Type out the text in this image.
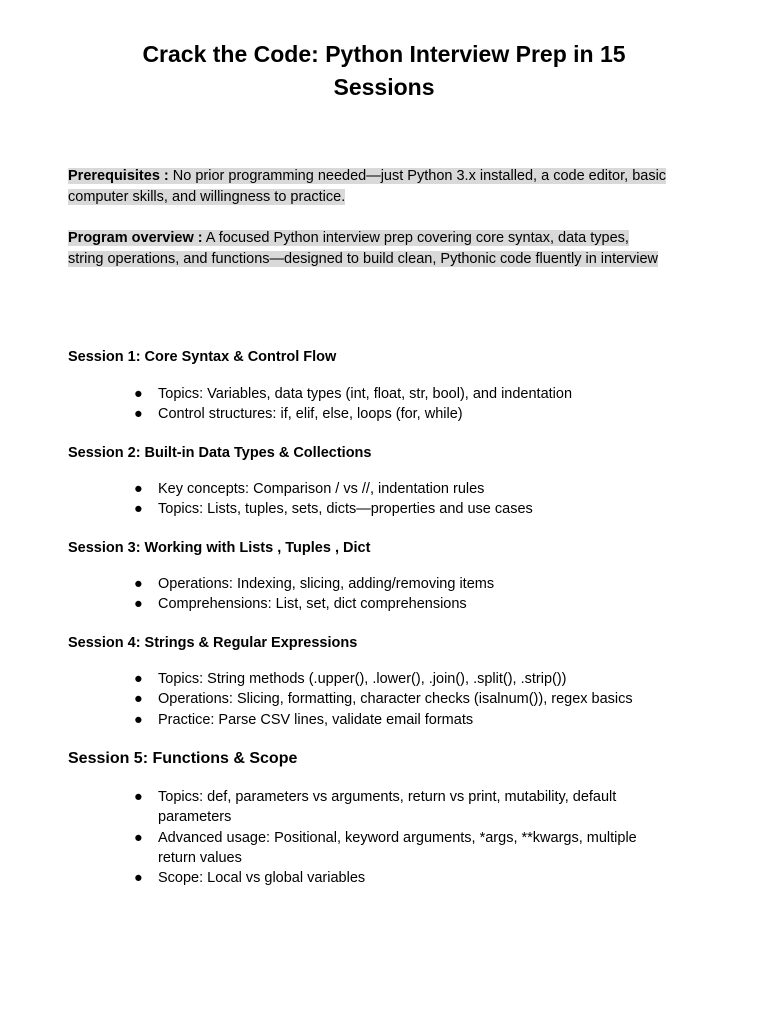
Crack the Code: Python Interview Prep in 15 Sessions

Prerequisites : No prior programming needed—just Python 3.x installed, a code editor, basic computer skills, and willingness to practice.

Program overview : A focused Python interview prep covering core syntax, data types, string operations, and functions—designed to build clean, Pythonic code fluently in interview

Session 1: Core Syntax & Control Flow
● Topics: Variables, data types (int, float, str, bool), and indentation
● Control structures: if, elif, else, loops (for, while)
Session 2: Built-in Data Types & Collections
● Key concepts: Comparison / vs //, indentation rules
● Topics: Lists, tuples, sets, dicts—properties and use cases
Session 3: Working with Lists , Tuples , Dict
● Operations: Indexing, slicing, adding/removing items
● Comprehensions: List, set, dict comprehensions
Session 4: Strings & Regular Expressions
● Topics: String methods (.upper(), .lower(), .join(), .split(), .strip())
● Operations: Slicing, formatting, character checks (isalnum()), regex basics
● Practice: Parse CSV lines, validate email formats
Session 5: Functions & Scope
● Topics: def, parameters vs arguments, return vs print, mutability, default parameters
● Advanced usage: Positional, keyword arguments, *args, **kwargs, multiple return values
● Scope: Local vs global variables
